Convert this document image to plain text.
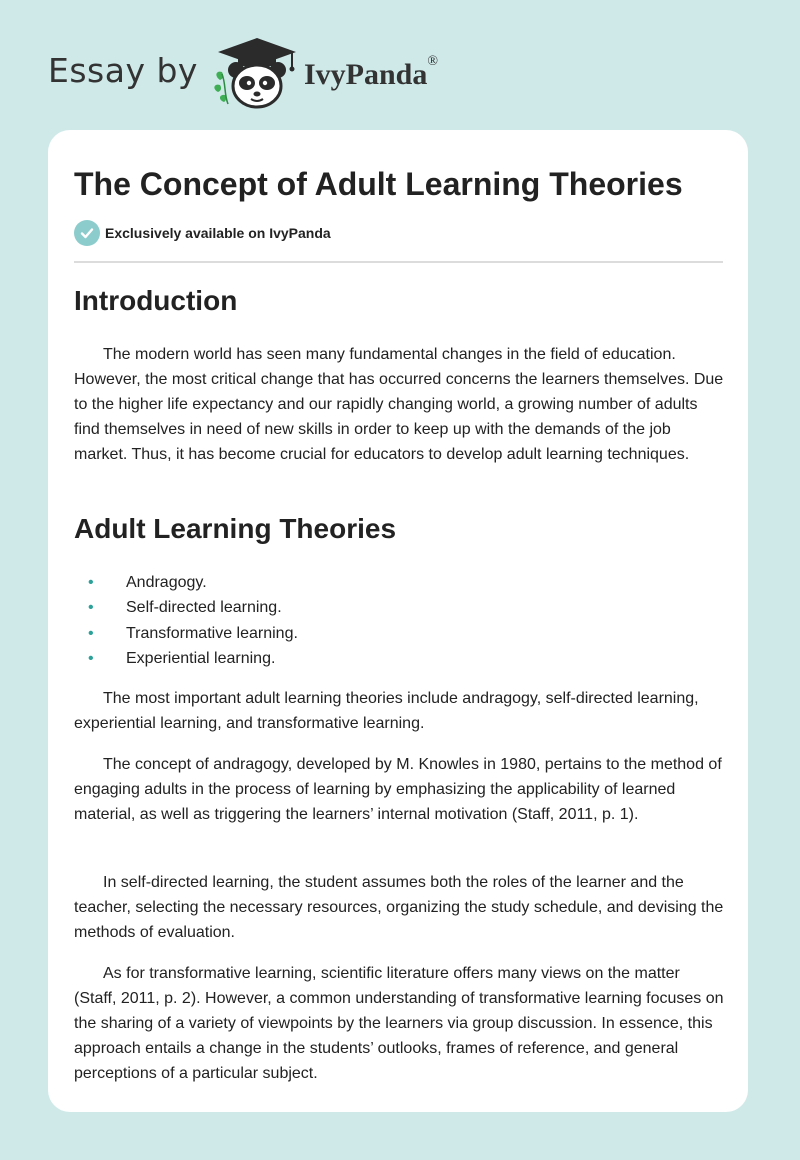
Essay by	IvyPanda®
The Concept of Adult Learning Theories
Exclusively available on IvyPanda
Introduction

The modern world has seen many fundamental changes in the field of education. However, the most critical change that has occurred concerns the learners themselves. Due to the higher life expectancy and our rapidly changing world, a growing number of adults find themselves in need of new skills in order to keep up with the demands of the job market. Thus, it has become crucial for educators to develop adult learning techniques.

Adult Learning Theories
• Andragogy.
• Self-directed learning.
• Transformative learning.
• Experiential learning.

The most important adult learning theories include andragogy, self-directed learning, experiential learning, and transformative learning.

The concept of andragogy, developed by M. Knowles in 1980, pertains to the method of engaging adults in the process of learning by emphasizing the applicability of learned material, as well as triggering the learners’ internal motivation (Staff, 2011, p. 1).

In self-directed learning, the student assumes both the roles of the learner and the teacher, selecting the necessary resources, organizing the study schedule, and devising the methods of evaluation.

As for transformative learning, scientific literature offers many views on the matter (Staff, 2011, p. 2). However, a common understanding of transformative learning focuses on the sharing of a variety of viewpoints by the learners via group discussion. In essence, this approach entails a change in the students’ outlooks, frames of reference, and general perceptions of a particular subject.
